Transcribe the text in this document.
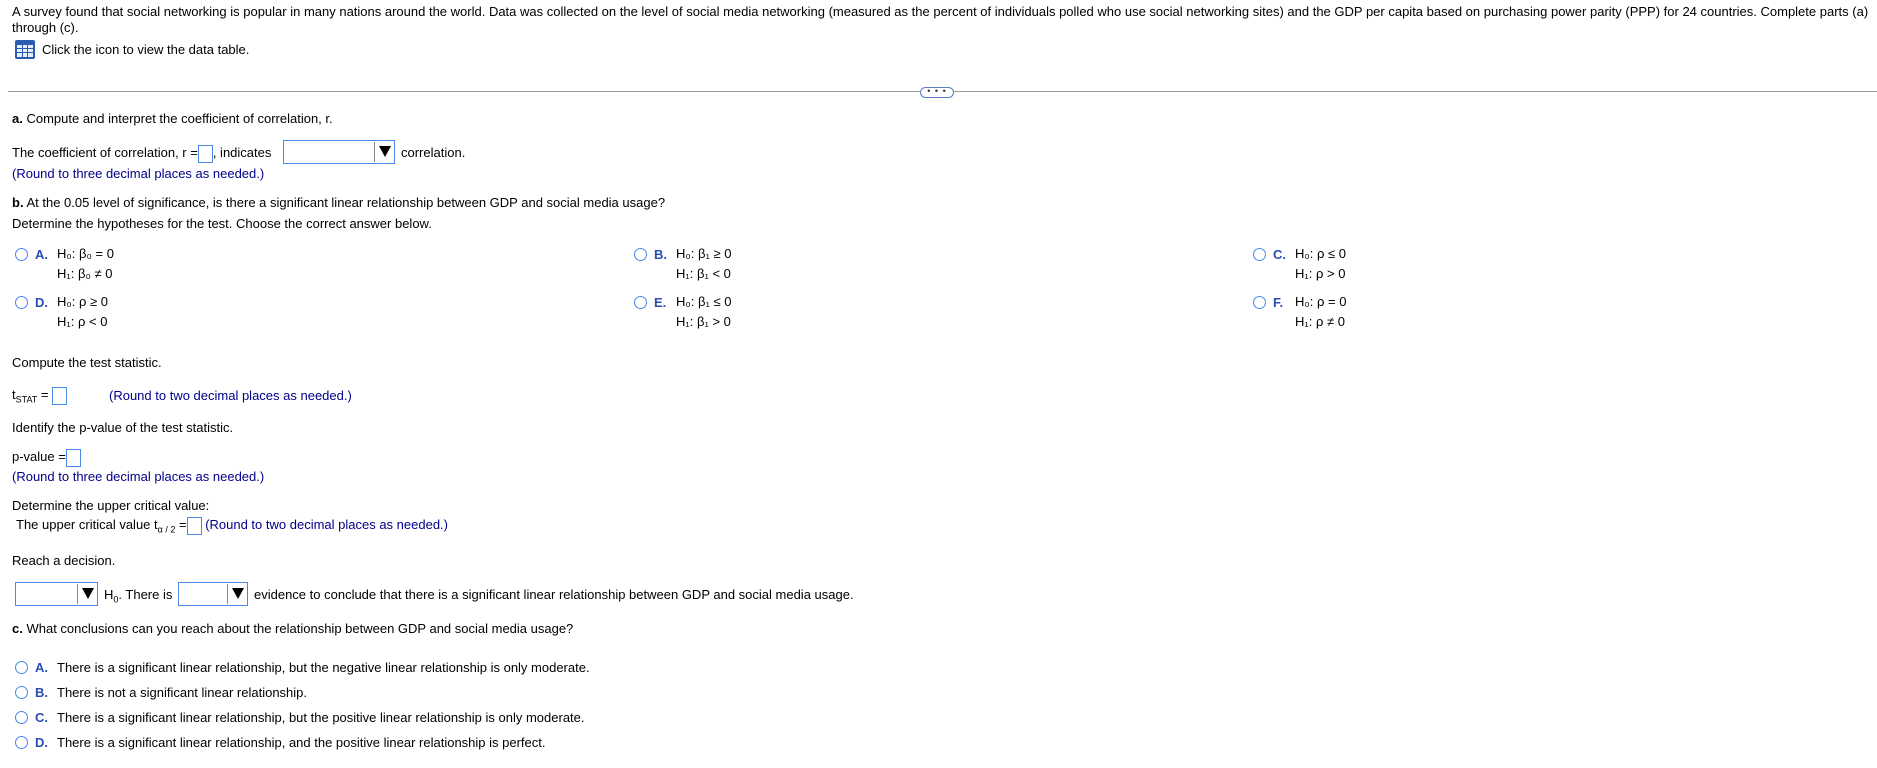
A survey found that social networking is popular in many nations around the world. Data was collected on the level of social media networking (measured as the percent of individuals polled who use social networking sites) and the GDP per capita based on purchasing power parity (PPP) for 24 countries. Complete parts (a) through (c).
Click the icon to view the data table.
• • •
a. Compute and interpret the coefficient of correlation, r.
The coefficient of correlation, r = , indicates	correlation.
(Round to three decimal places as needed.)
b. At the 0.05 level of significance, is there a significant linear relationship between GDP and social media usage?
Determine the hypotheses for the test. Choose the correct answer below.
A. H₀: β₀ = 0
H₁: β₀ ≠ 0
B. H₀: β₁ ≥ 0
H₁: β₁ < 0
C. H₀: ρ ≤ 0
H₁: ρ > 0
D. H₀: ρ ≥ 0
H₁: ρ < 0
E. H₀: β₁ ≤ 0
H₁: β₁ > 0
F. H₀: ρ = 0
H₁: ρ ≠ 0
Compute the test statistic.
$t_{STAT}$ =	(Round to two decimal places as needed.)
Identify the p-value of the test statistic.
p-value =
(Round to three decimal places as needed.)
Determine the upper critical value:
The upper critical value $t_{\alpha / 2}$ = (Round to two decimal places as needed.)
Reach a decision.
$H_0$. There is	evidence to conclude that there is a significant linear relationship between GDP and social media usage.
c. What conclusions can you reach about the relationship between GDP and social media usage?
A. There is a significant linear relationship, but the negative linear relationship is only moderate.
B. There is not a significant linear relationship.
C. There is a significant linear relationship, but the positive linear relationship is only moderate.
D. There is a significant linear relationship, and the positive linear relationship is perfect.
